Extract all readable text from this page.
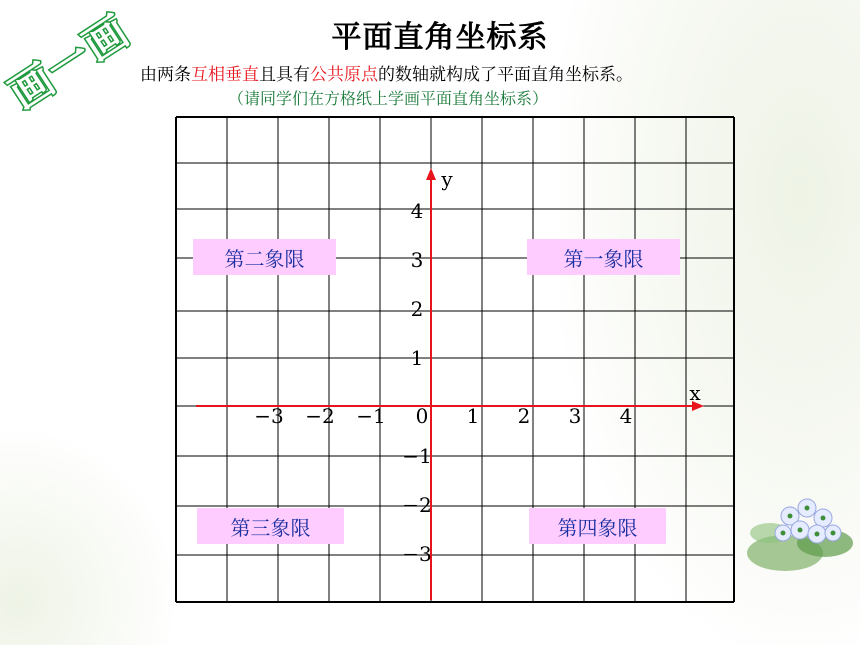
画
一
画	平面直角坐标系
由两条互相垂直且具有公共原点的数轴就构成了平面直角坐标系。
（请同学们在方格纸上学画平面直角坐标系）
x
y
−3 −2 −1 0 1 2 3 4
4
3
2
1
−1
−2
−3
第二象限	第一象限
第三象限	第四象限
